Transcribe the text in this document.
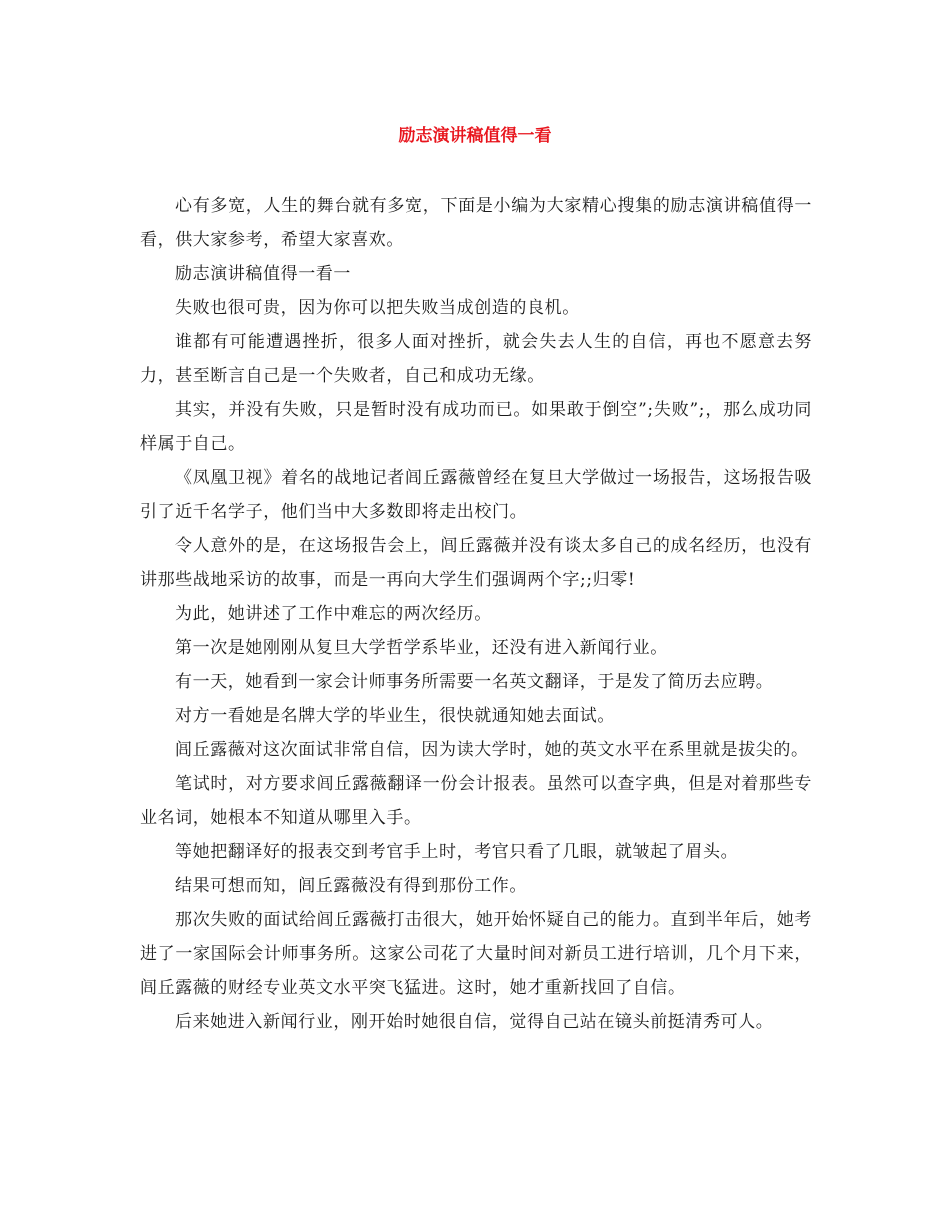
励志演讲稿值得一看

心有多宽，人生的舞台就有多宽，下面是小编为大家精心搜集的励志演讲稿值得一看，供大家参考，希望大家喜欢。

励志演讲稿值得一看一

失败也很可贵，因为你可以把失败当成创造的良机。

谁都有可能遭遇挫折，很多人面对挫折，就会失去人生的自信，再也不愿意去努力，甚至断言自己是一个失败者，自己和成功无缘。

其实，并没有失败，只是暂时没有成功而已。如果敢于倒空”;失败”;，那么成功同样属于自己。

《凤凰卫视》着名的战地记者闾丘露薇曾经在复旦大学做过一场报告，这场报告吸引了近千名学子，他们当中大多数即将走出校门。

令人意外的是，在这场报告会上，闾丘露薇并没有谈太多自己的成名经历，也没有讲那些战地采访的故事，而是一再向大学生们强调两个字;;归零!

为此，她讲述了工作中难忘的两次经历。

第一次是她刚刚从复旦大学哲学系毕业，还没有进入新闻行业。

有一天，她看到一家会计师事务所需要一名英文翻译，于是发了简历去应聘。

对方一看她是名牌大学的毕业生，很快就通知她去面试。

闾丘露薇对这次面试非常自信，因为读大学时，她的英文水平在系里就是拔尖的。

笔试时，对方要求闾丘露薇翻译一份会计报表。虽然可以查字典，但是对着那些专业名词，她根本不知道从哪里入手。

等她把翻译好的报表交到考官手上时，考官只看了几眼，就皱起了眉头。

结果可想而知，闾丘露薇没有得到那份工作。

那次失败的面试给闾丘露薇打击很大，她开始怀疑自己的能力。直到半年后，她考进了一家国际会计师事务所。这家公司花了大量时间对新员工进行培训，几个月下来，闾丘露薇的财经专业英文水平突飞猛进。这时，她才重新找回了自信。

后来她进入新闻行业，刚开始时她很自信，觉得自己站在镜头前挺清秀可人。
